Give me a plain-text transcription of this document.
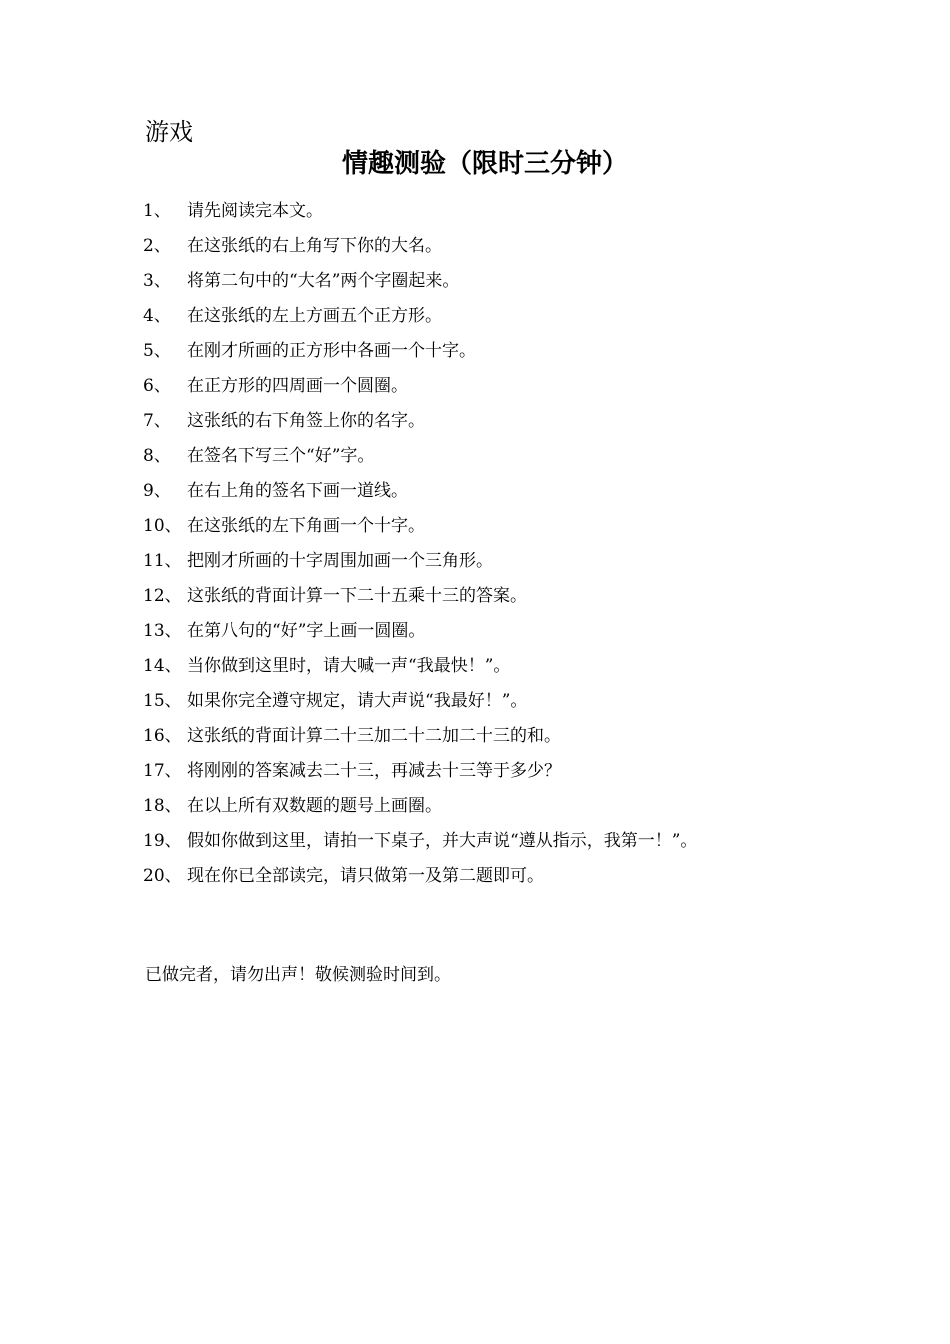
游戏
情趣测验（限时三分钟）
1、 请先阅读完本文。
2、 在这张纸的右上角写下你的大名。
3、 将第二句中的“大名”两个字圈起来。
4、 在这张纸的左上方画五个正方形。
5、 在刚才所画的正方形中各画一个十字。
6、 在正方形的四周画一个圆圈。
7、 这张纸的右下角签上你的名字。
8、 在签名下写三个“好”字。
9、 在右上角的签名下画一道线。
10、 在这张纸的左下角画一个十字。
11、 把刚才所画的十字周围加画一个三角形。
12、 这张纸的背面计算一下二十五乘十三的答案。
13、 在第八句的“好”字上画一圆圈。
14、 当你做到这里时，请大喊一声“我最快！”。
15、 如果你完全遵守规定，请大声说“我最好！”。
16、 这张纸的背面计算二十三加二十二加二十三的和。
17、 将刚刚的答案减去二十三，再减去十三等于多少？
18、 在以上所有双数题的题号上画圈。
19、 假如你做到这里，请拍一下桌子，并大声说“遵从指示，我第一！”。
20、 现在你已全部读完，请只做第一及第二题即可。
已做完者，请勿出声！敬候测验时间到。
